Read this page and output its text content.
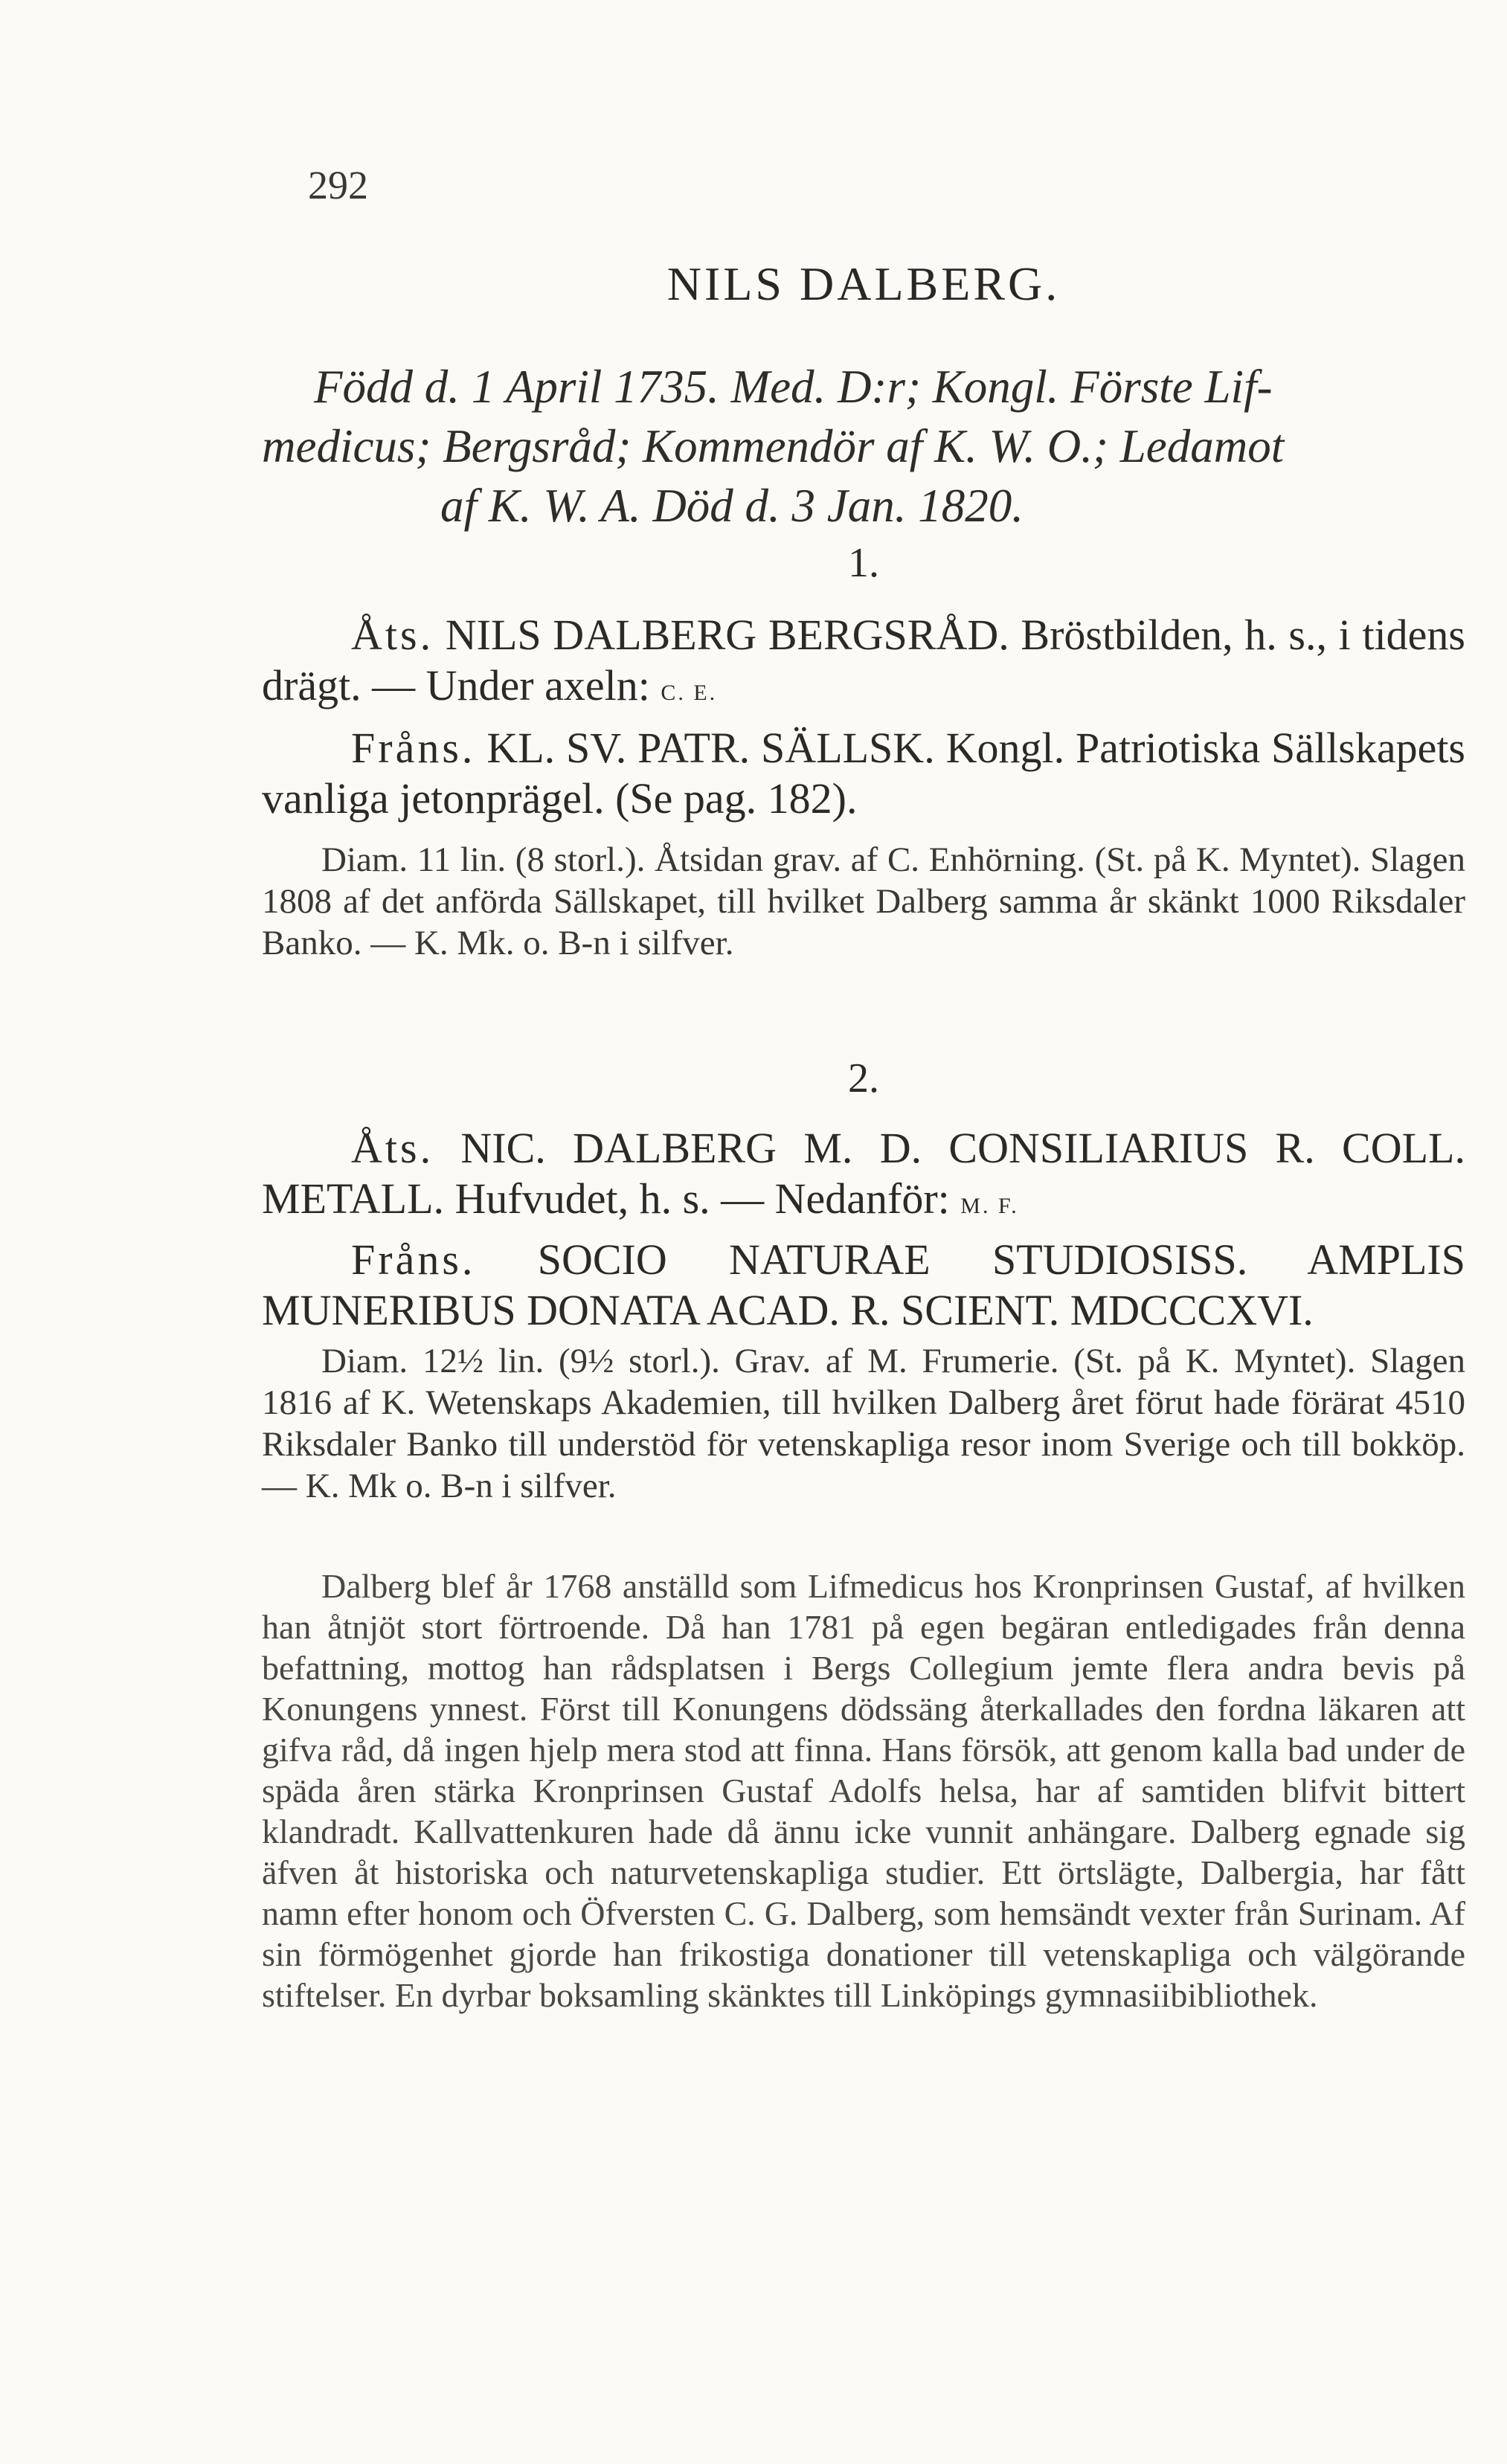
292
NILS DALBERG.
Född d. 1 April 1735. Med. D:r; Kongl. Förste Lif-
medicus; Bergsråd; Kommendör af K. W. O.; Ledamot
af K. W. A. Död d. 3 Jan. 1820.
1.
Åts. NILS DALBERG BERGSRÅD. Bröstbilden, h. s., i tidens drägt. — Under axeln: C. E.
Fråns. KL. SV. PATR. SÄLLSK. Kongl. Patriotiska Sällskapets vanliga jetonprägel. (Se pag. 182).

Diam. 11 lin. (8 storl.). Åtsidan grav. af C. Enhörning. (St. på K. Myntet). Slagen 1808 af det anförda Sällskapet, till hvilket Dalberg samma år skänkt 1000 Riksdaler Banko. — K. Mk. o. B-n i silfver.

2.
Åts. NIC. DALBERG M. D. CONSILIARIUS R. COLL. METALL. Hufvudet, h. s. — Nedanför: M. F.
Fråns. SOCIO NATURAE STUDIOSISS. AMPLIS MUNERIBUS DONATA ACAD. R. SCIENT. MDCCCXVI.

Diam. 12½ lin. (9½ storl.). Grav. af M. Frumerie. (St. på K. Myntet). Slagen 1816 af K. Wetenskaps Akademien, till hvilken Dalberg året förut hade förärat 4510 Riksdaler Banko till understöd för vetenskapliga resor inom Sverige och till bokköp. — K. Mk o. B-n i silfver.

Dalberg blef år 1768 anställd som Lifmedicus hos Kronprinsen Gustaf, af hvilken han åtnjöt stort förtroende. Då han 1781 på egen begäran entledigades från denna befattning, mottog han rådsplatsen i Bergs Collegium jemte flera andra bevis på Konungens ynnest. Först till Konungens dödssäng återkallades den fordna läkaren att gifva råd, då ingen hjelp mera stod att finna. Hans försök, att genom kalla bad under de späda åren stärka Kronprinsen Gustaf Adolfs helsa, har af samtiden blifvit bittert klandradt. Kallvattenkuren hade då ännu icke vunnit anhängare. Dalberg egnade sig äfven åt historiska och naturvetenskapliga studier. Ett örtslägte, Dalbergia, har fått namn efter honom och Öfversten C. G. Dalberg, som hemsändt vexter från Surinam. Af sin förmögenhet gjorde han frikostiga donationer till vetenskapliga och välgörande stiftelser. En dyrbar boksamling skänktes till Linköpings gymnasiibibliothek.
